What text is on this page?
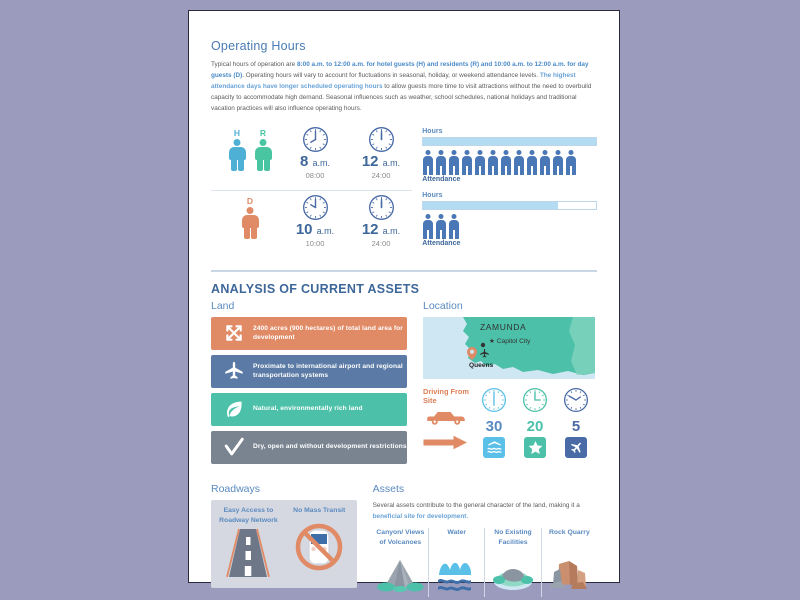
Operating Hours
Typical hours of operation are 8:00 a.m. to 12:00 a.m. for hotel guests (H) and residents (R) and 10:00 a.m. to 12:00 a.m. for day guests (D). Operating hours will vary to account for fluctuations in seasonal, holiday, or weekend attendance levels. The highest attendance days have longer scheduled operating hours to allow guests more time to visit attractions without the need to overbuild capacity to accommodate high demand. Seasonal influences such as weather, school schedules, national holidays and traditional vacation practices will also influence operating hours.
H R
8 a.m.
08:00
12 a.m.
24:00
D
10 a.m.
10:00
12 a.m.
24:00
Hours
Attendance
Hours
Attendance
ANALYSIS OF CURRENT ASSETS
Land
2400 acres (900 hectares) of total land area for development
Proximate to international airport and regional transportation systems
Natural, environmentally rich land
Dry, open and without development restrictions
Location
ZAMUNDA
★ Capitol City
Queens
Driving From Site

30	20	5
Roadways
Easy Access to Roadway Network
No Mass Transit
Assets
Several assets contribute to the general character of the land, making it a beneficial site for development.
Canyon/ Views of Volcanoes
Water	No Existing Facilities
Rock Quarry
